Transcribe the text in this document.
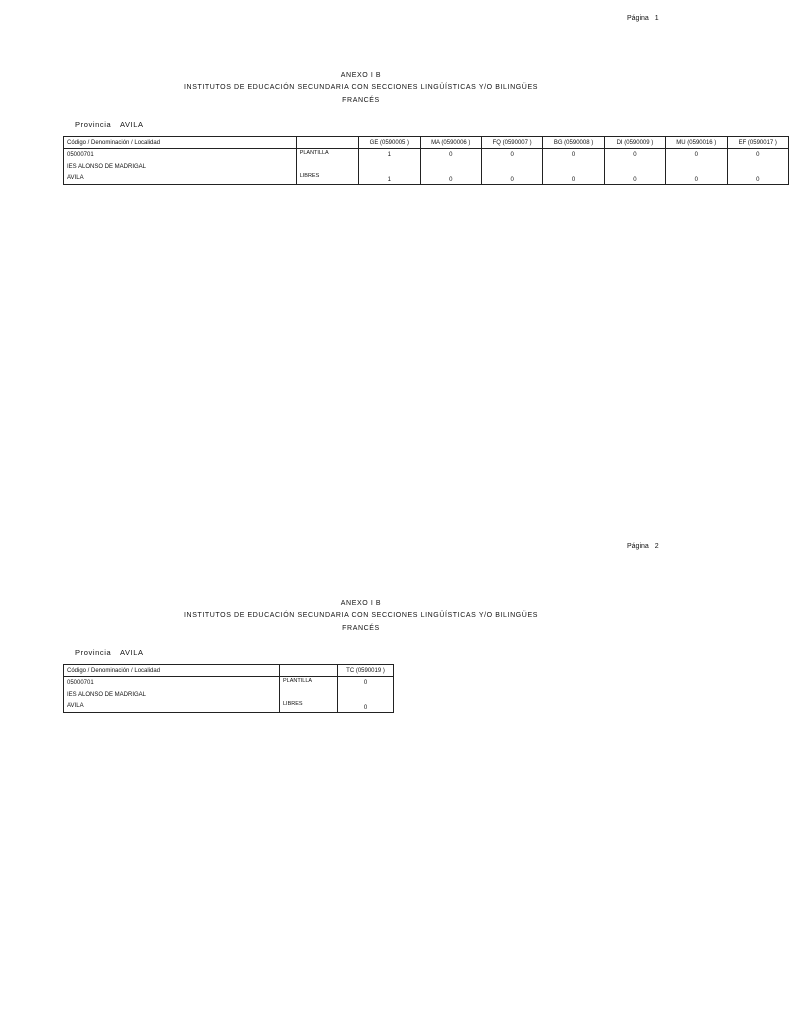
Página 1
ANEXO I B
INSTITUTOS DE EDUCACIÓN SECUNDARIA CON SECCIONES LINGÜÍSTICAS Y/O BILINGÜES
FRANCÉS
Provincia AVILA
Código / Denominación / Localidad		GE (0590005 )	MA (0590006 )	FQ (0590007 )	BG (0590008 )	DI (0590009 )	MU (0590016 )	EF (0590017 )
05000701	PLANTILLA	1	0	0	0	0	0	0
IES ALONSO DE MADRIGAL								
AVILA	LIBRES	1	0	0	0	0	0	0
Página 2
ANEXO I B
INSTITUTOS DE EDUCACIÓN SECUNDARIA CON SECCIONES LINGÜÍSTICAS Y/O BILINGÜES
FRANCÉS
Provincia AVILA
Código / Denominación / Localidad		TC (0590019 )
05000701	PLANTILLA	0
IES ALONSO DE MADRIGAL		
AVILA	LIBRES	0
